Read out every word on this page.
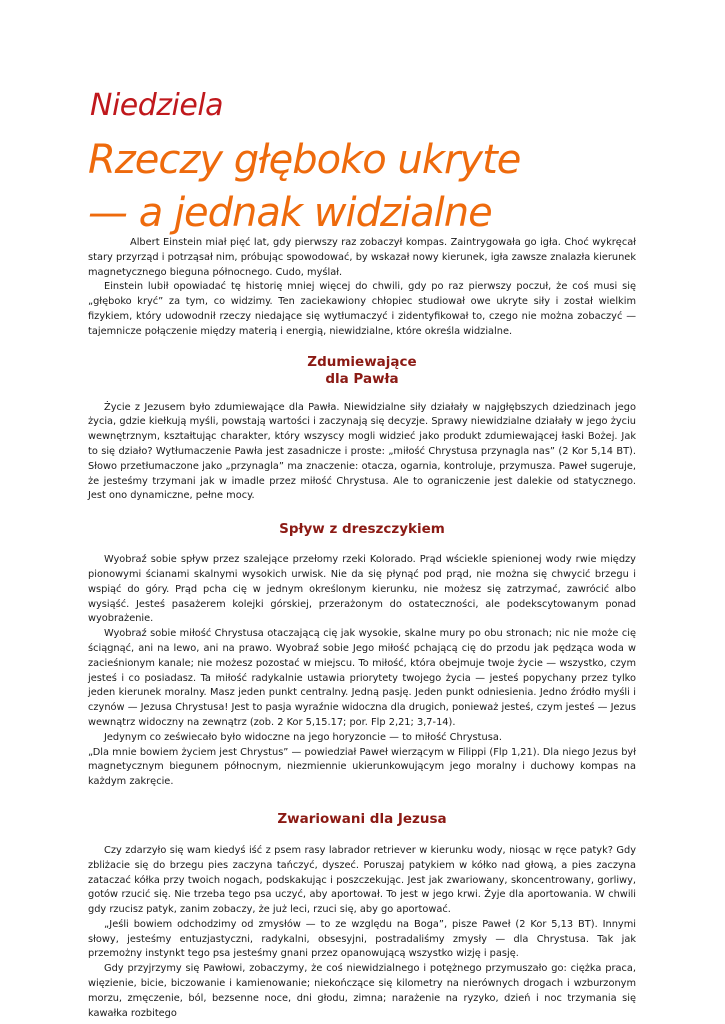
Niedziela

Rzeczy głęboko ukryte

— a jednak widzialne

Albert Einstein miał pięć lat, gdy pierwszy raz zobaczył kompas. Zaintrygowała go igła. Choć wykręcał stary przyrząd i potrząsał nim, próbując spowodować, by wskazał nowy kierunek, igła zawsze znalazła kierunek magnetycznego bieguna północnego. Cudo, myślał.

Einstein lubił opowiadać tę historię mniej więcej do chwili, gdy po raz pierwszy poczuł, że coś musi się „głęboko kryć” za tym, co widzimy. Ten zaciekawiony chłopiec studiował owe ukryte siły i został wielkim fizykiem, który udowodnił rzeczy niedające się wytłumaczyć i zidentyfikował to, czego nie można zobaczyć — tajemnicze połączenie między materią i energią, niewidzialne, które określa widzialne.

Zdumiewające
dla Pawła

Życie z Jezusem było zdumiewające dla Pawła. Niewidzialne siły działały w najgłębszych dziedzinach jego życia, gdzie kiełkują myśli, powstają wartości i zaczynają się decyzje. Sprawy niewidzialne działały w jego życiu wewnętrznym, kształtując charakter, który wszyscy mogli widzieć jako produkt zdumiewającej łaski Bożej. Jak to się działo? Wytłumaczenie Pawła jest zasadnicze i proste: „miłość Chrystusa przynagla nas” (2 Kor 5,14 BT). Słowo przetłumaczone jako „przynagla” ma znaczenie: otacza, ogarnia, kontroluje, przymusza. Paweł sugeruje, że jesteśmy trzymani jak w imadle przez miłość Chrystusa. Ale to ograniczenie jest dalekie od statycznego. Jest ono dynamiczne, pełne mocy.

Spływ z dreszczykiem

Wyobraź sobie spływ przez szalejące przełomy rzeki Kolorado. Prąd wściekle spienionej wody rwie między pionowymi ścianami skalnymi wysokich urwisk. Nie da się płynąć pod prąd, nie można się chwycić brzegu i wspiąć do góry. Prąd pcha cię w jednym określonym kierunku, nie możesz się zatrzymać, zawrócić albo wysiąść. Jesteś pasażerem kolejki górskiej, przerażonym do ostateczności, ale podekscytowanym ponad wyobrażenie.

Wyobraź sobie miłość Chrystusa otaczającą cię jak wysokie, skalne mury po obu stronach; nic nie może cię ściągnąć, ani na lewo, ani na prawo. Wyobraź sobie Jego miłość pchającą cię do przodu jak pędząca woda w zacieśnionym kanale; nie możesz pozostać w miejscu. To miłość, która obejmuje twoje życie — wszystko, czym jesteś i co posiadasz. Ta miłość radykalnie ustawia priorytety twojego życia — jesteś popychany przez tylko jeden kierunek moralny. Masz jeden punkt centralny. Jedną pasję. Jeden punkt odniesienia. Jedno źródło myśli i czynów — Jezusa Chrystusa! Jest to pasja wyraźnie widoczna dla drugich, ponieważ jesteś, czym jesteś — Jezus wewnątrz widoczny na zewnątrz (zob. 2 Kor 5,15.17; por. Flp 2,21; 3,7-14).

Jedynym co zeświecało było widoczne na jego horyzoncie — to miłość Chrystusa.

„Dla mnie bowiem życiem jest Chrystus” — powiedział Paweł wierzącym w Filippi (Flp 1,21). Dla niego Jezus był magnetycznym biegunem północnym, niezmiennie ukierunkowującym jego moralny i duchowy kompas na każdym zakręcie.

Zwariowani dla Jezusa

Czy zdarzyło się wam kiedyś iść z psem rasy labrador retriever w kierunku wody, niosąc w ręce patyk? Gdy zbliżacie się do brzegu pies zaczyna tańczyć, dyszeć. Poruszaj patykiem w kółko nad głową, a pies zaczyna zataczać kółka przy twoich nogach, podskakując i poszczekując. Jest jak zwariowany, skoncentrowany, gorliwy, gotów rzucić się. Nie trzeba tego psa uczyć, aby aportował. To jest w jego krwi. Żyje dla aportowania. W chwili gdy rzucisz patyk, zanim zobaczy, że już leci, rzuci się, aby go aportować.

„Jeśli bowiem odchodzimy od zmysłów — to ze względu na Boga”, pisze Paweł (2 Kor 5,13 BT). Innymi słowy, jesteśmy entuzjastyczni, radykalni, obsesyjni, postradaliśmy zmysły — dla Chrystusa. Tak jak przemożny instynkt tego psa jesteśmy gnani przez opanowującą wszystko wizję i pasję.

Gdy przyjrzymy się Pawłowi, zobaczymy, że coś niewidzialnego i potężnego przymuszało go: ciężka praca, więzienie, bicie, biczowanie i kamienowanie; niekończące się kilometry na nierównych drogach i wzburzonym morzu, zmęczenie, ból, bezsenne noce, dni głodu, zimna; narażenie na ryzyko, dzień i noc trzymania się kawałka rozbitego
